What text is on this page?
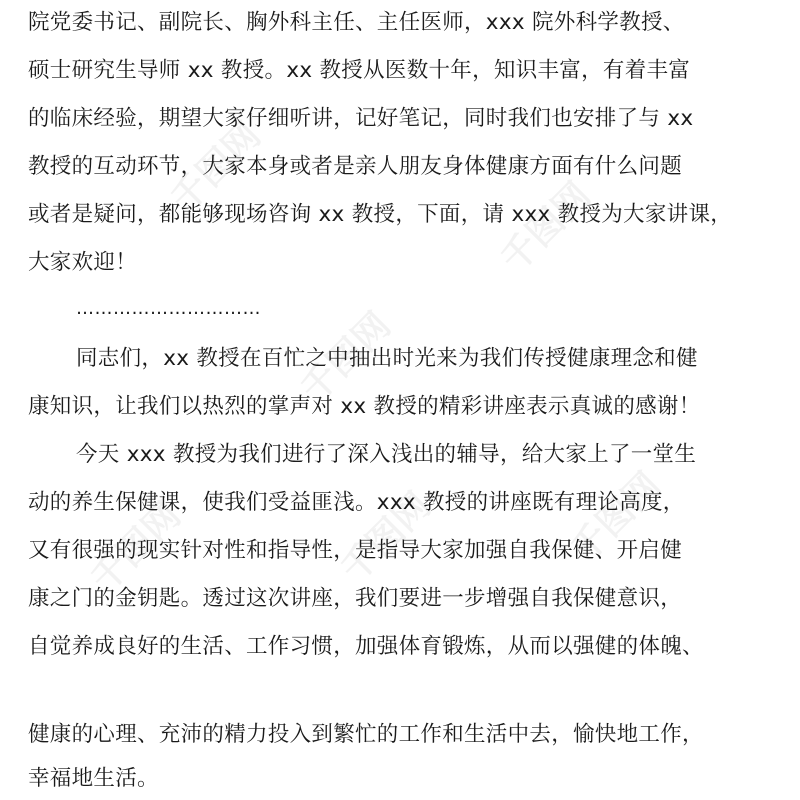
千图网
千图网
千图网
千图网	千图网	千图网
院党委书记、副院长、胸外科主任、主任医师，xxx 院外科学教授、
硕士研究生导师 xx 教授。xx 教授从医数十年，知识丰富，有着丰富
的临床经验，期望大家仔细听讲，记好笔记，同时我们也安排了与 xx
教授的互动环节，大家本身或者是亲人朋友身体健康方面有什么问题
或者是疑问，都能够现场咨询 xx 教授，下面，请 xxx 教授为大家讲课，
大家欢迎！
…………………………
同志们，xx 教授在百忙之中抽出时光来为我们传授健康理念和健
康知识，让我们以热烈的掌声对 xx 教授的精彩讲座表示真诚的感谢！
今天 xxx 教授为我们进行了深入浅出的辅导，给大家上了一堂生
动的养生保健课，使我们受益匪浅。xxx 教授的讲座既有理论高度，
又有很强的现实针对性和指导性，是指导大家加强自我保健、开启健
康之门的金钥匙。透过这次讲座，我们要进一步增强自我保健意识，
自觉养成良好的生活、工作习惯，加强体育锻炼，从而以强健的体魄、
健康的心理、充沛的精力投入到繁忙的工作和生活中去，愉快地工作，
幸福地生活。
